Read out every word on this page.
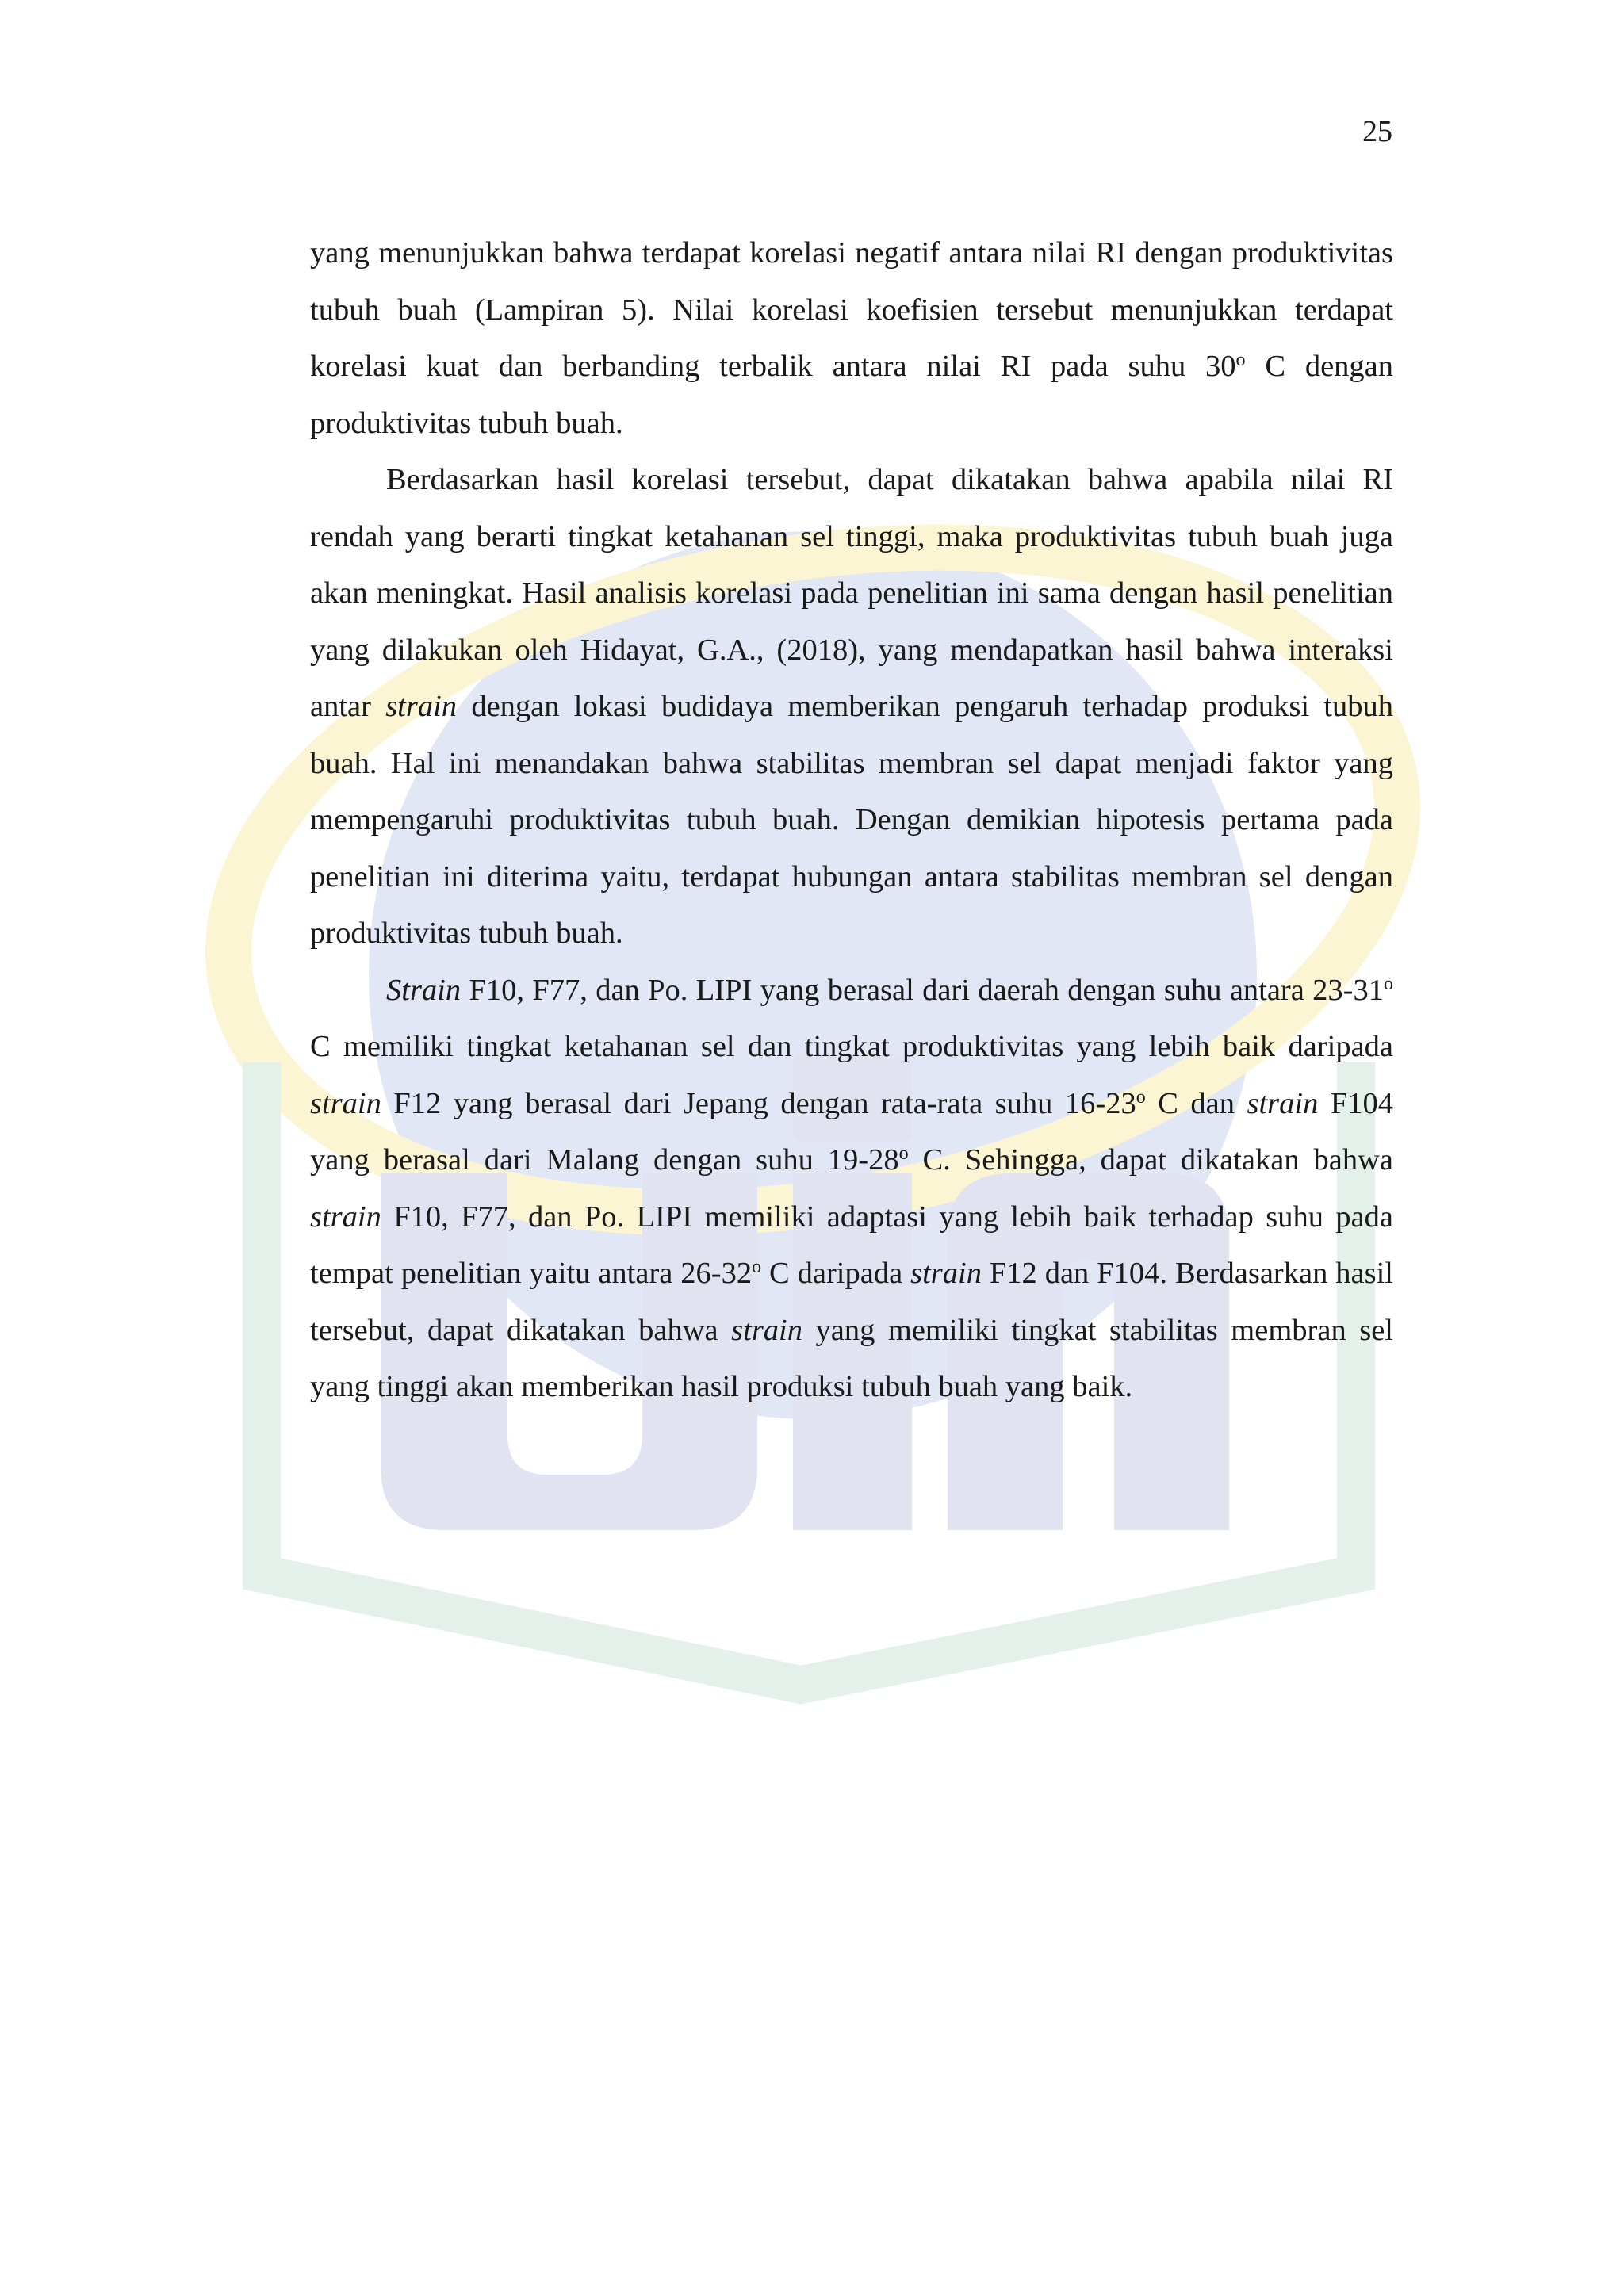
25

yang menunjukkan bahwa terdapat korelasi negatif antara nilai RI dengan produktivitas tubuh buah (Lampiran 5). Nilai korelasi koefisien tersebut menunjukkan terdapat korelasi kuat dan berbanding terbalik antara nilai RI pada suhu 30$^o$ C dengan produktivitas tubuh buah.

Berdasarkan hasil korelasi tersebut, dapat dikatakan bahwa apabila nilai RI rendah yang berarti tingkat ketahanan sel tinggi, maka produktivitas tubuh buah juga akan meningkat. Hasil analisis korelasi pada penelitian ini sama dengan hasil penelitian yang dilakukan oleh Hidayat, G.A., (2018), yang mendapatkan hasil bahwa interaksi antar strain dengan lokasi budidaya memberikan pengaruh terhadap produksi tubuh buah. Hal ini menandakan bahwa stabilitas membran sel dapat menjadi faktor yang mempengaruhi produktivitas tubuh buah. Dengan demikian hipotesis pertama pada penelitian ini diterima yaitu, terdapat hubungan antara stabilitas membran sel dengan produktivitas tubuh buah.

Strain F10, F77, dan Po. LIPI yang berasal dari daerah dengan suhu antara 23-31$^o$ C memiliki tingkat ketahanan sel dan tingkat produktivitas yang lebih baik daripada strain F12 yang berasal dari Jepang dengan rata-rata suhu 16-23$^o$ C dan strain F104 yang berasal dari Malang dengan suhu 19-28$^o$ C. Sehingga, dapat dikatakan bahwa strain F10, F77, dan Po. LIPI memiliki adaptasi yang lebih baik terhadap suhu pada tempat penelitian yaitu antara 26-32$^o$ C daripada strain F12 dan F104. Berdasarkan hasil tersebut, dapat dikatakan bahwa strain yang memiliki tingkat stabilitas membran sel yang tinggi akan memberikan hasil produksi tubuh buah yang baik.
